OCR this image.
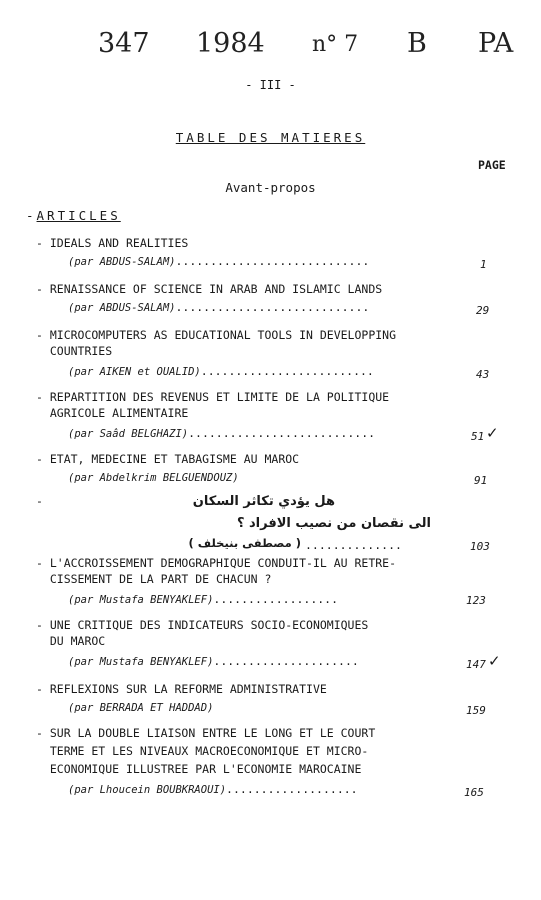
347 1984 n° 7 B PA
- III -
TABLE DES MATIERES
PAGE
Avant-propos
-ARTICLES
- IDEALS AND REALITIES
(par ABDUS-SALAM)............................	1
- RENAISSANCE OF SCIENCE IN ARAB AND ISLAMIC LANDS
(par ABDUS-SALAM)............................	29
- MICROCOMPUTERS AS EDUCATIONAL TOOLS IN DEVELOPPING
COUNTRIES
(par AIKEN et OUALID).........................	43
- REPARTITION DES REVENUS ET LIMITE DE LA POLITIQUE
AGRICOLE ALIMENTAIRE
(par Saâd BELGHAZI)...........................	51 ✓
- ETAT, MEDECINE ET TABAGISME AU MAROC
(par Abdelkrim BELGUENDOUZ)	91
-	هل يؤدي تكاثر السكان
الى نقصان من نصيب الافراد ؟
( مصطفى بنيخلف ) ..............	103
- L'ACCROISSEMENT DEMOGRAPHIQUE CONDUIT-IL AU RETRE-
CISSEMENT DE LA PART DE CHACUN ?
(par Mustafa BENYAKLEF)..................	123
- UNE CRITIQUE DES INDICATEURS SOCIO-ECONOMIQUES
DU MAROC
(par Mustafa BENYAKLEF).....................	147 ✓
- REFLEXIONS SUR LA REFORME ADMINISTRATIVE
(par BERRADA ET HADDAD)	159
- SUR LA DOUBLE LIAISON ENTRE LE LONG ET LE COURT
TERME ET LES NIVEAUX MACROECONOMIQUE ET MICRO-
ECONOMIQUE ILLUSTREE PAR L'ECONOMIE MAROCAINE
(par Lhoucein BOUBKRAOUI)...................	165
